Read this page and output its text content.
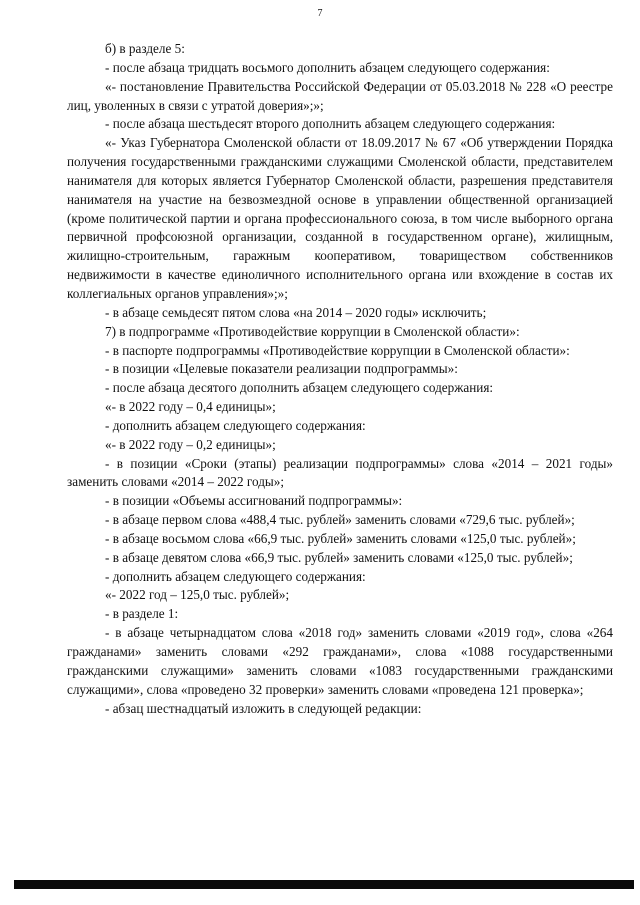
7

б) в разделе 5:

- после абзаца тридцать восьмого дополнить абзацем следующего содержания:

«- постановление Правительства Российской Федерации от 05.03.2018 № 228 «О реестре лиц, уволенных в связи с утратой доверия»;»;

- после абзаца шестьдесят второго дополнить абзацем следующего содержания:

«- Указ Губернатора Смоленской области от 18.09.2017 № 67 «Об утверждении Порядка получения государственными гражданскими служащими Смоленской области, представителем нанимателя для которых является Губернатор Смоленской области, разрешения представителя нанимателя на участие на безвозмездной основе в управлении общественной организацией (кроме политической партии и органа профессионального союза, в том числе выборного органа первичной профсоюзной организации, созданной в государственном органе), жилищным, жилищно-строительным, гаражным кооперативом, товариществом собственников недвижимости в качестве единоличного исполнительного органа или вхождение в состав их коллегиальных органов управления»;»;

- в абзаце семьдесят пятом слова «на 2014 – 2020 годы» исключить;

7) в подпрограмме «Противодействие коррупции в Смоленской области»:

- в паспорте подпрограммы «Противодействие коррупции в Смоленской области»:

- в позиции «Целевые показатели реализации подпрограммы»:

- после абзаца десятого дополнить абзацем следующего содержания:

«- в 2022 году – 0,4 единицы»;

- дополнить абзацем следующего содержания:

«- в 2022 году – 0,2 единицы»;

- в позиции «Сроки (этапы) реализации подпрограммы» слова «2014 – 2021 годы» заменить словами «2014 – 2022 годы»;

- в позиции «Объемы ассигнований подпрограммы»:

- в абзаце первом слова «488,4 тыс. рублей» заменить словами «729,6 тыс. рублей»;

- в абзаце восьмом слова «66,9 тыс. рублей» заменить словами «125,0 тыс. рублей»;

- в абзаце девятом слова «66,9 тыс. рублей» заменить словами «125,0 тыс. рублей»;

- дополнить абзацем следующего содержания:

«- 2022 год – 125,0 тыс. рублей»;

- в разделе 1:

- в абзаце четырнадцатом слова «2018 год» заменить словами «2019 год», слова «264 гражданами» заменить словами «292 гражданами», слова «1088 государственными гражданскими служащими» заменить словами «1083 государственными гражданскими служащими», слова «проведено 32 проверки» заменить словами «проведена 121 проверка»;

- абзац шестнадцатый изложить в следующей редакции:
